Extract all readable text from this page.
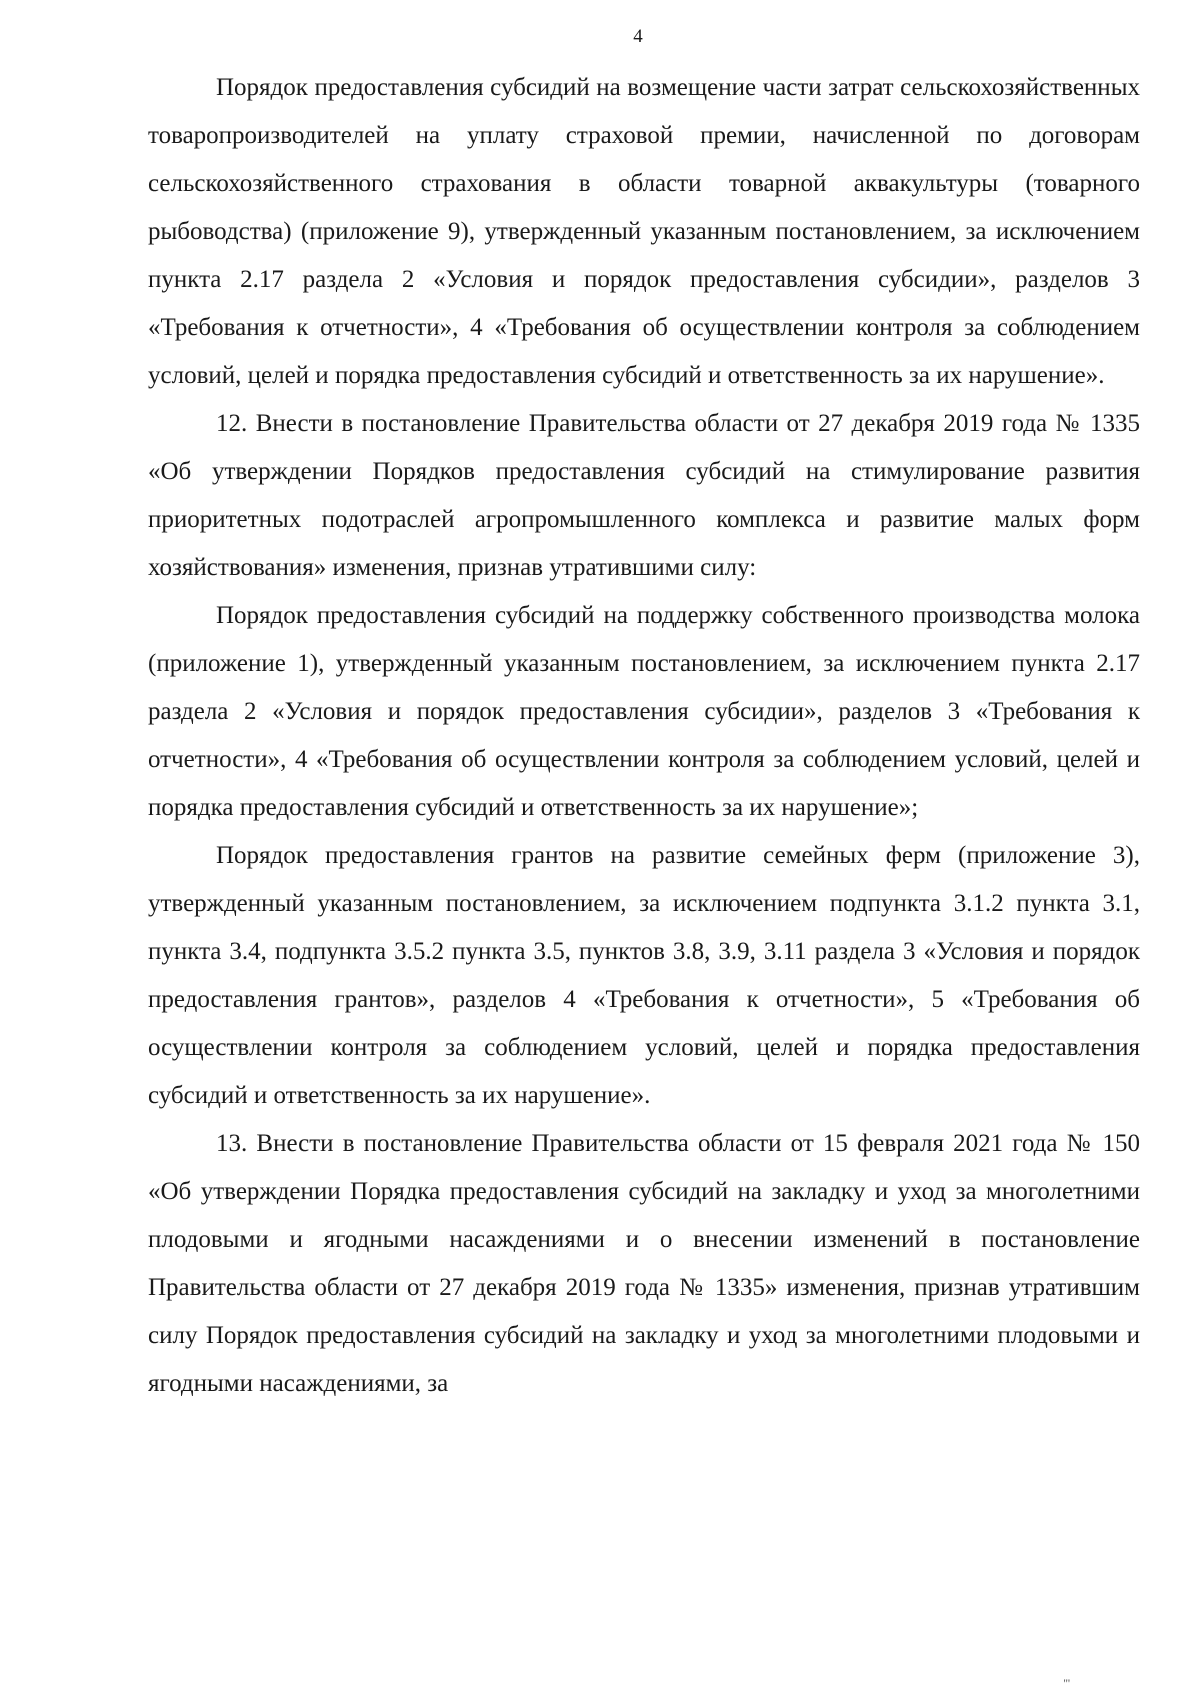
4

Порядок предоставления субсидий на возмещение части затрат сельскохозяйственных товаропроизводителей на уплату страховой премии, начисленной по договорам сельскохозяйственного страхования в области товарной аквакультуры (товарного рыбоводства) (приложение 9), утвержденный указанным постановлением, за исключением пункта 2.17 раздела 2 «Условия и порядок предоставления субсидии», разделов 3 «Требования к отчетности», 4 «Требования об осуществлении контроля за соблюдением условий, целей и порядка предоставления субсидий и ответственность за их нарушение».

12. Внести в постановление Правительства области от 27 декабря 2019 года № 1335 «Об утверждении Порядков предоставления субсидий на стимулирование развития приоритетных подотраслей агропромышленного комплекса и развитие малых форм хозяйствования» изменения, признав утратившими силу:

Порядок предоставления субсидий на поддержку собственного производства молока (приложение 1), утвержденный указанным постановлением, за исключением пункта 2.17 раздела 2 «Условия и порядок предоставления субсидии», разделов 3 «Требования к отчетности», 4 «Требования об осуществлении контроля за соблюдением условий, целей и порядка предоставления субсидий и ответственность за их нарушение»;

Порядок предоставления грантов на развитие семейных ферм (приложение 3), утвержденный указанным постановлением, за исключением подпункта 3.1.2 пункта 3.1, пункта 3.4, подпункта 3.5.2 пункта 3.5, пунктов 3.8, 3.9, 3.11 раздела 3 «Условия и порядок предоставления грантов», разделов 4 «Требования к отчетности», 5 «Требования об осуществлении контроля за соблюдением условий, целей и порядка предоставления субсидий и ответственность за их нарушение».

13. Внести в постановление Правительства области от 15 февраля 2021 года № 150 «Об утверждении Порядка предоставления субсидий на закладку и уход за многолетними плодовыми и ягодными насаждениями и о внесении изменений в постановление Правительства области от 27 декабря 2019 года № 1335» изменения, признав утратившим силу Порядок предоставления субсидий на закладку и уход за многолетними плодовыми и ягодными насаждениями, за

'''
